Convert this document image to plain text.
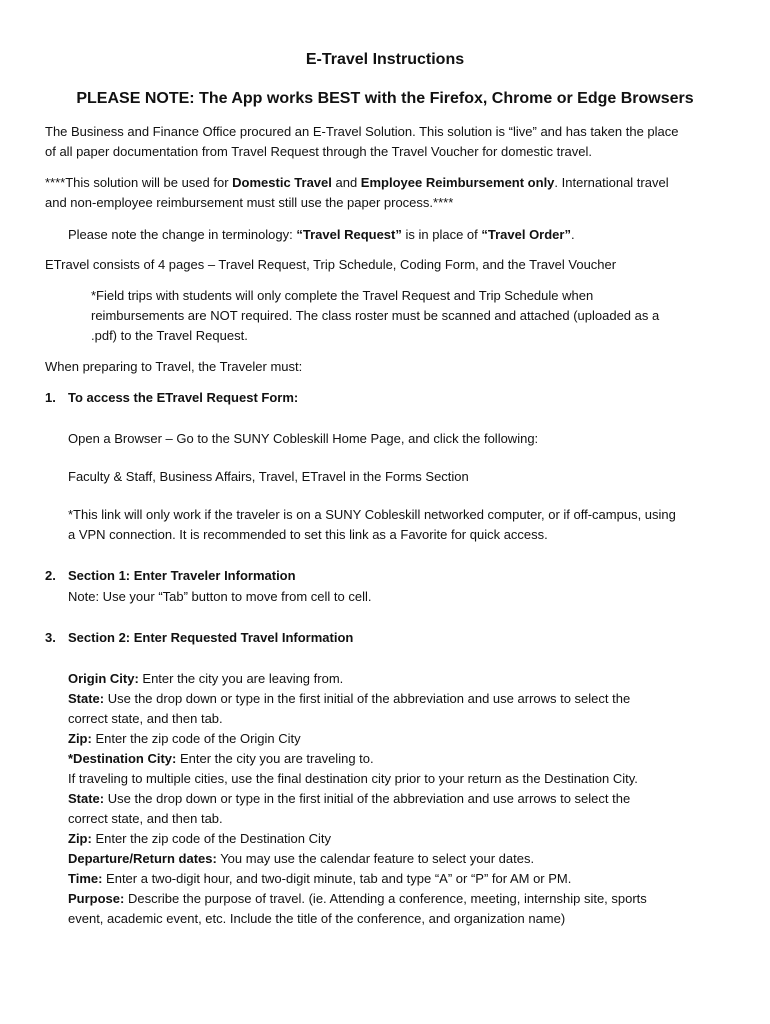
E-Travel Instructions
PLEASE NOTE: The App works BEST with the Firefox, Chrome or Edge Browsers
The Business and Finance Office procured an E-Travel Solution. This solution is “live” and has taken the place
of all paper documentation from Travel Request through the Travel Voucher for domestic travel.
****This solution will be used for Domestic Travel and Employee Reimbursement only. International travel
and non-employee reimbursement must still use the paper process.****
Please note the change in terminology: “Travel Request” is in place of “Travel Order”.
ETravel consists of 4 pages – Travel Request, Trip Schedule, Coding Form, and the Travel Voucher
*Field trips with students will only complete the Travel Request and Trip Schedule when
reimbursements are NOT required. The class roster must be scanned and attached (uploaded as a
.pdf) to the Travel Request.
When preparing to Travel, the Traveler must:
1. To access the ETravel Request Form:
Open a Browser – Go to the SUNY Cobleskill Home Page, and click the following:
Faculty & Staff, Business Affairs, Travel, ETravel in the Forms Section
*This link will only work if the traveler is on a SUNY Cobleskill networked computer, or if off-campus, using
a VPN connection. It is recommended to set this link as a Favorite for quick access.
2. Section 1: Enter Traveler Information
Note: Use your “Tab” button to move from cell to cell.
3. Section 2: Enter Requested Travel Information
Origin City: Enter the city you are leaving from.
State: Use the drop down or type in the first initial of the abbreviation and use arrows to select the
correct state, and then tab.
Zip: Enter the zip code of the Origin City
*Destination City: Enter the city you are traveling to.
If traveling to multiple cities, use the final destination city prior to your return as the Destination City.
State: Use the drop down or type in the first initial of the abbreviation and use arrows to select the
correct state, and then tab.
Zip: Enter the zip code of the Destination City
Departure/Return dates: You may use the calendar feature to select your dates.
Time: Enter a two-digit hour, and two-digit minute, tab and type “A” or “P” for AM or PM.
Purpose: Describe the purpose of travel. (ie. Attending a conference, meeting, internship site, sports
event, academic event, etc. Include the title of the conference, and organization name)
